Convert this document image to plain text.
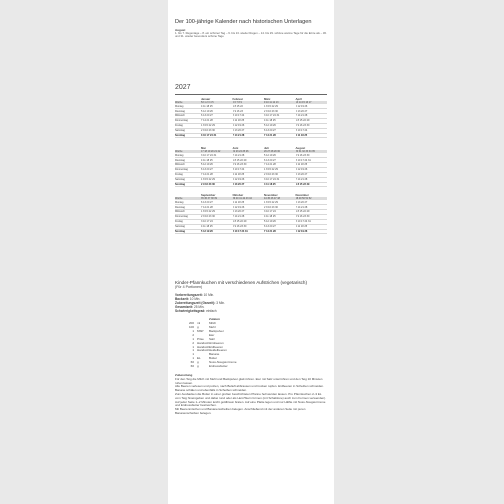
Der 100-jährige Kalender nach historischen Unterlagen
August
1. bis 7. Regentage – 8. ein schöner Tag – 9. bis 13. wieder Regen – 14. bis 29. schöne warme Tage für die Ernte als – 30. und 31. wieder besonders schöne Tage
2027
Januar	Februar	März	April
Woche	53 1 2 3 4 5	5 6 7 8 9	9 10 11 12 13	13 14 15 16 17
Montag	4 11 18 25	1 8 15 22	1 8 15 22 29	5 12 19 26
Dienstag	5 12 19 26	2 9 16 23	2 9 16 23 30	6 13 20 27
Mittwoch	6 13 20 27	3 10 17 24	3 10 17 24 31	7 14 21 28
Donnerstag	7 14 21 28	4 11 18 25	4 11 18 25	1 8 15 22 29
Freitag	1 8 15 22 29	5 12 19 26	5 12 19 26	2 9 16 23 30
Samstag	2 9 16 23 30	6 13 20 27	6 13 20 27	3 10 17 24
Sonntag	3 10 17 24 31	7 14 21 28	7 14 21 28	4 11 18 25
Mai	Juni	Juli	August
Woche	17 18 19 20 21 22	22 23 24 25 26	26 27 28 29 30	30 31 32 33 34 35
Montag	3 10 17 24 31	7 14 21 28	5 12 19 26	2 9 16 23 30
Dienstag	4 11 18 25	1 8 15 22 29	6 13 20 27	3 10 17 24 31
Mittwoch	5 12 19 26	2 9 16 23 30	7 14 21 28	4 11 18 25
Donnerstag	6 13 20 27	3 10 17 24	1 8 15 22 29	5 12 19 26
Freitag	7 14 21 28	4 11 18 25	2 9 16 23 30	6 13 20 27
Samstag	1 8 15 22 29	5 12 19 26	3 10 17 24 31	7 14 21 28
Sonntag	2 9 16 23 30	6 13 20 27	4 11 18 25	1 8 15 22 29
September	Oktober	November	Dezember
Woche	35 36 37 38 39	39 40 41 42 43 44	44 45 46 47 48	48 49 50 51 52
Montag	6 13 20 27	4 11 18 25	1 8 15 22 29	6 13 20 27
Dienstag	7 14 21 28	5 12 19 26	2 9 16 23 30	7 14 21 28
Mittwoch	1 8 15 22 29	6 13 20 27	3 10 17 24	1 8 15 22 29
Donnerstag	2 9 16 23 30	7 14 21 28	4 11 18 25	2 9 16 23 30
Freitag	3 10 17 24	1 8 15 22 29	5 12 19 26	3 10 17 24 31
Samstag	4 11 18 25	2 9 16 23 30	6 13 20 27	4 11 18 25
Sonntag	5 12 19 26	3 10 17 24 31	7 14 21 28	5 12 19 26
Kinder-Pfannkuchen mit verschiedenen Aufstrichen (vegetarisch)
(Für 4 Portionen)
Vorbereitungszeit: 10 Min.
Backzeit: 10 Min.
Zubereitungszeit (Garzeit): 3 Min.
Gesamtzeit: 25 Min.
Schwierigkeitsgrad: einfach
Zutaten
200	ml	Milch
100	g	Mehl
1	MSP	Backpulver
2	Eier
1	Prise	Salz
2	Handvoll Himbeeren
1	Handvoll Erdbeeren
1	Handvoll Heidelbeeren
1	Banane
1	EL	Butter
60	g	Nuss-Nougat-Creme
60	g	Erdnussbutter
Zubereitung
Für den Teig die Milch mit Mehl und Backpulver glatt rühren. Eier mit Salz unterrühren und den Teig 10 Minuten ruhen lassen.
Alle Beeren verlesen und putzen, nach Belieft abbrausen und trocken tupfen. Erdbeeren in Scheiben schneiden. Banane schälen und ebenfalls in Scheiben schneiden.
Zum Ausbacken die Butter in einer großen beschichteten Pfanne hell werden lassen. Pro Pfannkuchen 2–3 EL vom Teig hineingeben und dabei rund oder als Herz/Stern formen (mit Schablone) auch zum Formen verwenden).
Auf jeder Seite 1–2 Minuten leicht goldbraun braten. Auf eine Platte legen und nur Hälfte mit Nuss-Nougat-Creme und Erdnussbutter bestreichen.
Mit Beerenmischen und Bananenscheiben belegen. Anschließend mit der anderen Seite mit puren Bananenscheiben belegen.
